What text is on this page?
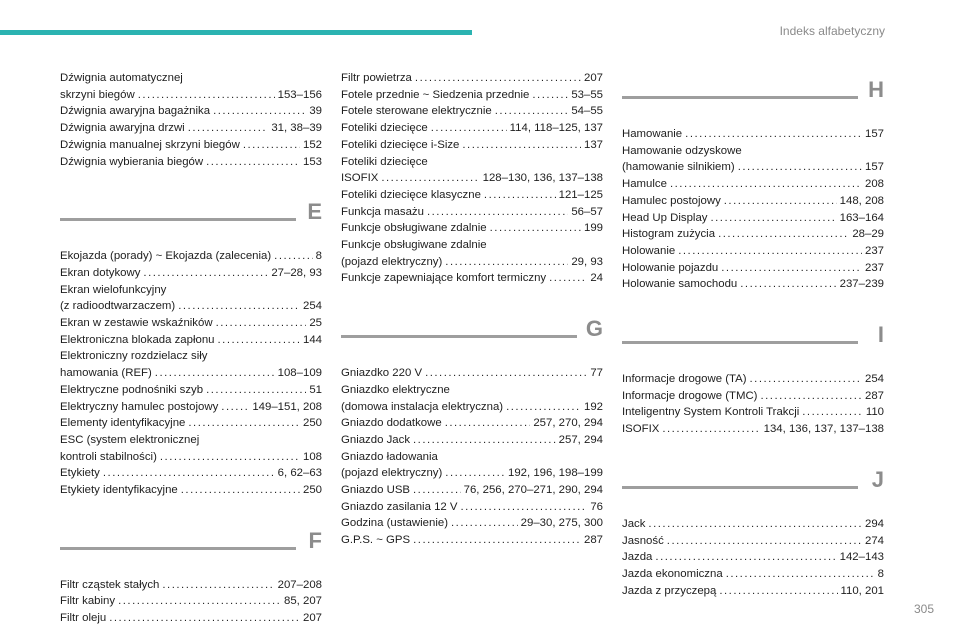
Indeks alfabetyczny
Dźwignia automatycznej
skrzyni biegów .....	153–156
Dźwignia awaryjna bagażnika .....	39
Dźwignia awaryjna drzwi .....	31, 38–39
Dźwignia manualnej skrzyni biegów .....	152
Dźwignia wybierania biegów .....	153
E
Ekojazda (porady) ~ Ekojazda (zalecenia) .....	8
Ekran dotykowy .....	27–28, 93
Ekran wielofunkcyjny
(z radioodtwarzaczem) .....	254
Ekran w zestawie wskaźników .....	25
Elektroniczna blokada zapłonu .....	144
Elektroniczny rozdzielacz siły
hamowania (REF) .....	108–109
Elektryczne podnośniki szyb .....	51
Elektryczny hamulec postojowy .....	149–151, 208
Elementy identyfikacyjne .....	250
ESC (system elektronicznej
kontroli stabilności) .....	108
Etykiety .....	6, 62–63
Etykiety identyfikacyjne .....	250
F
Filtr cząstek stałych .....	207–208
Filtr kabiny .....	85, 207
Filtr oleju .....	207
Filtr powietrza .....	207
Fotele przednie ~ Siedzenia przednie .....	53–55
Fotele sterowane elektrycznie .....	54–55
Foteliki dziecięce .....	114, 118–125, 137
Foteliki dziecięce i-Size .....	137
Foteliki dziecięce
ISOFIX .....	128–130, 136, 137–138
Foteliki dziecięce klasyczne .....	121–125
Funkcja masażu .....	56–57
Funkcje obsługiwane zdalnie .....	199
Funkcje obsługiwane zdalnie
(pojazd elektryczny) .....	29, 93
Funkcje zapewniające komfort termiczny .....	24
G
Gniazdko 220 V .....	77
Gniazdko elektryczne
(domowa instalacja elektryczna) .....	192
Gniazdo dodatkowe .....	257, 270, 294
Gniazdo Jack .....	257, 294
Gniazdo ładowania
(pojazd elektryczny) .....	192, 196, 198–199
Gniazdo USB .....	76, 256, 270–271, 290, 294
Gniazdo zasilania 12 V .....	76
Godzina (ustawienie) .....	29–30, 275, 300
G.P.S. ~ GPS .....	287
H
Hamowanie .....	157
Hamowanie odzyskowe
(hamowanie silnikiem) .....	157
Hamulce .....	208
Hamulec postojowy .....	148, 208
Head Up Display .....	163–164
Histogram zużycia .....	28–29
Holowanie .....	237
Holowanie pojazdu .....	237
Holowanie samochodu .....	237–239
I
Informacje drogowe (TA) .....	254
Informacje drogowe (TMC) .....	287
Inteligentny System Kontroli Trakcji .....	110
ISOFIX .....	134, 136, 137, 137–138
J
Jack .....	294
Jasność .....	274
Jazda .....	142–143
Jazda ekonomiczna .....	8
Jazda z przyczepą .....	110, 201
305
